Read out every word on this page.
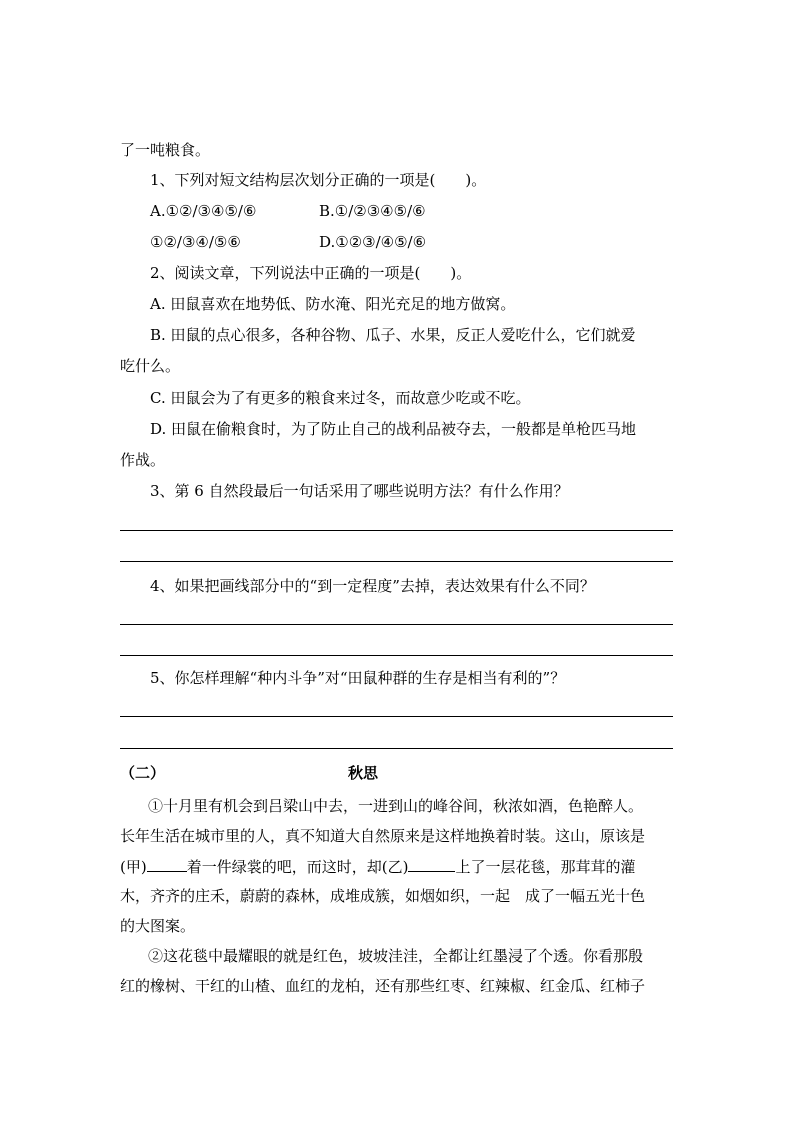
了一吨粮食。
1、下列对短文结构层次划分正确的一项是(　　)。
A.①②/③④⑤/⑥	B.①/②③④⑤/⑥
①②/③④/⑤⑥	D.①②③/④⑤/⑥
2、阅读文章，下列说法中正确的一项是(　　)。
A. 田鼠喜欢在地势低、防水淹、阳光充足的地方做窝。
B. 田鼠的点心很多，各种谷物、瓜子、水果，反正人爱吃什么，它们就爱
吃什么。
C. 田鼠会为了有更多的粮食来过冬，而故意少吃或不吃。
D. 田鼠在偷粮食时，为了防止自己的战利品被夺去，一般都是单枪匹马地
作战。
3、第 6 自然段最后一句话采用了哪些说明方法？有什么作用？
4、如果把画线部分中的“到一定程度”去掉，表达效果有什么不同？
5、你怎样理解“种内斗争”对“田鼠种群的生存是相当有利的”？
（二）	秋思
①十月里有机会到吕梁山中去，一进到山的峰谷间，秋浓如酒，色艳醉人。
长年生活在城市里的人，真不知道大自然原来是这样地换着时装。这山，原该是
(甲)	着一件绿裳的吧，而这时，却(乙)	上了一层花毯，那茸茸的灌
木，齐齐的庄禾，蔚蔚的森林，成堆成簇，如烟如织，一起　成了一幅五光十色
的大图案。
②这花毯中最耀眼的就是红色，坡坡洼洼，全都让红墨浸了个透。你看那殷
红的橡树、干红的山楂、血红的龙柏，还有那些红枣、红辣椒、红金瓜、红柿子
